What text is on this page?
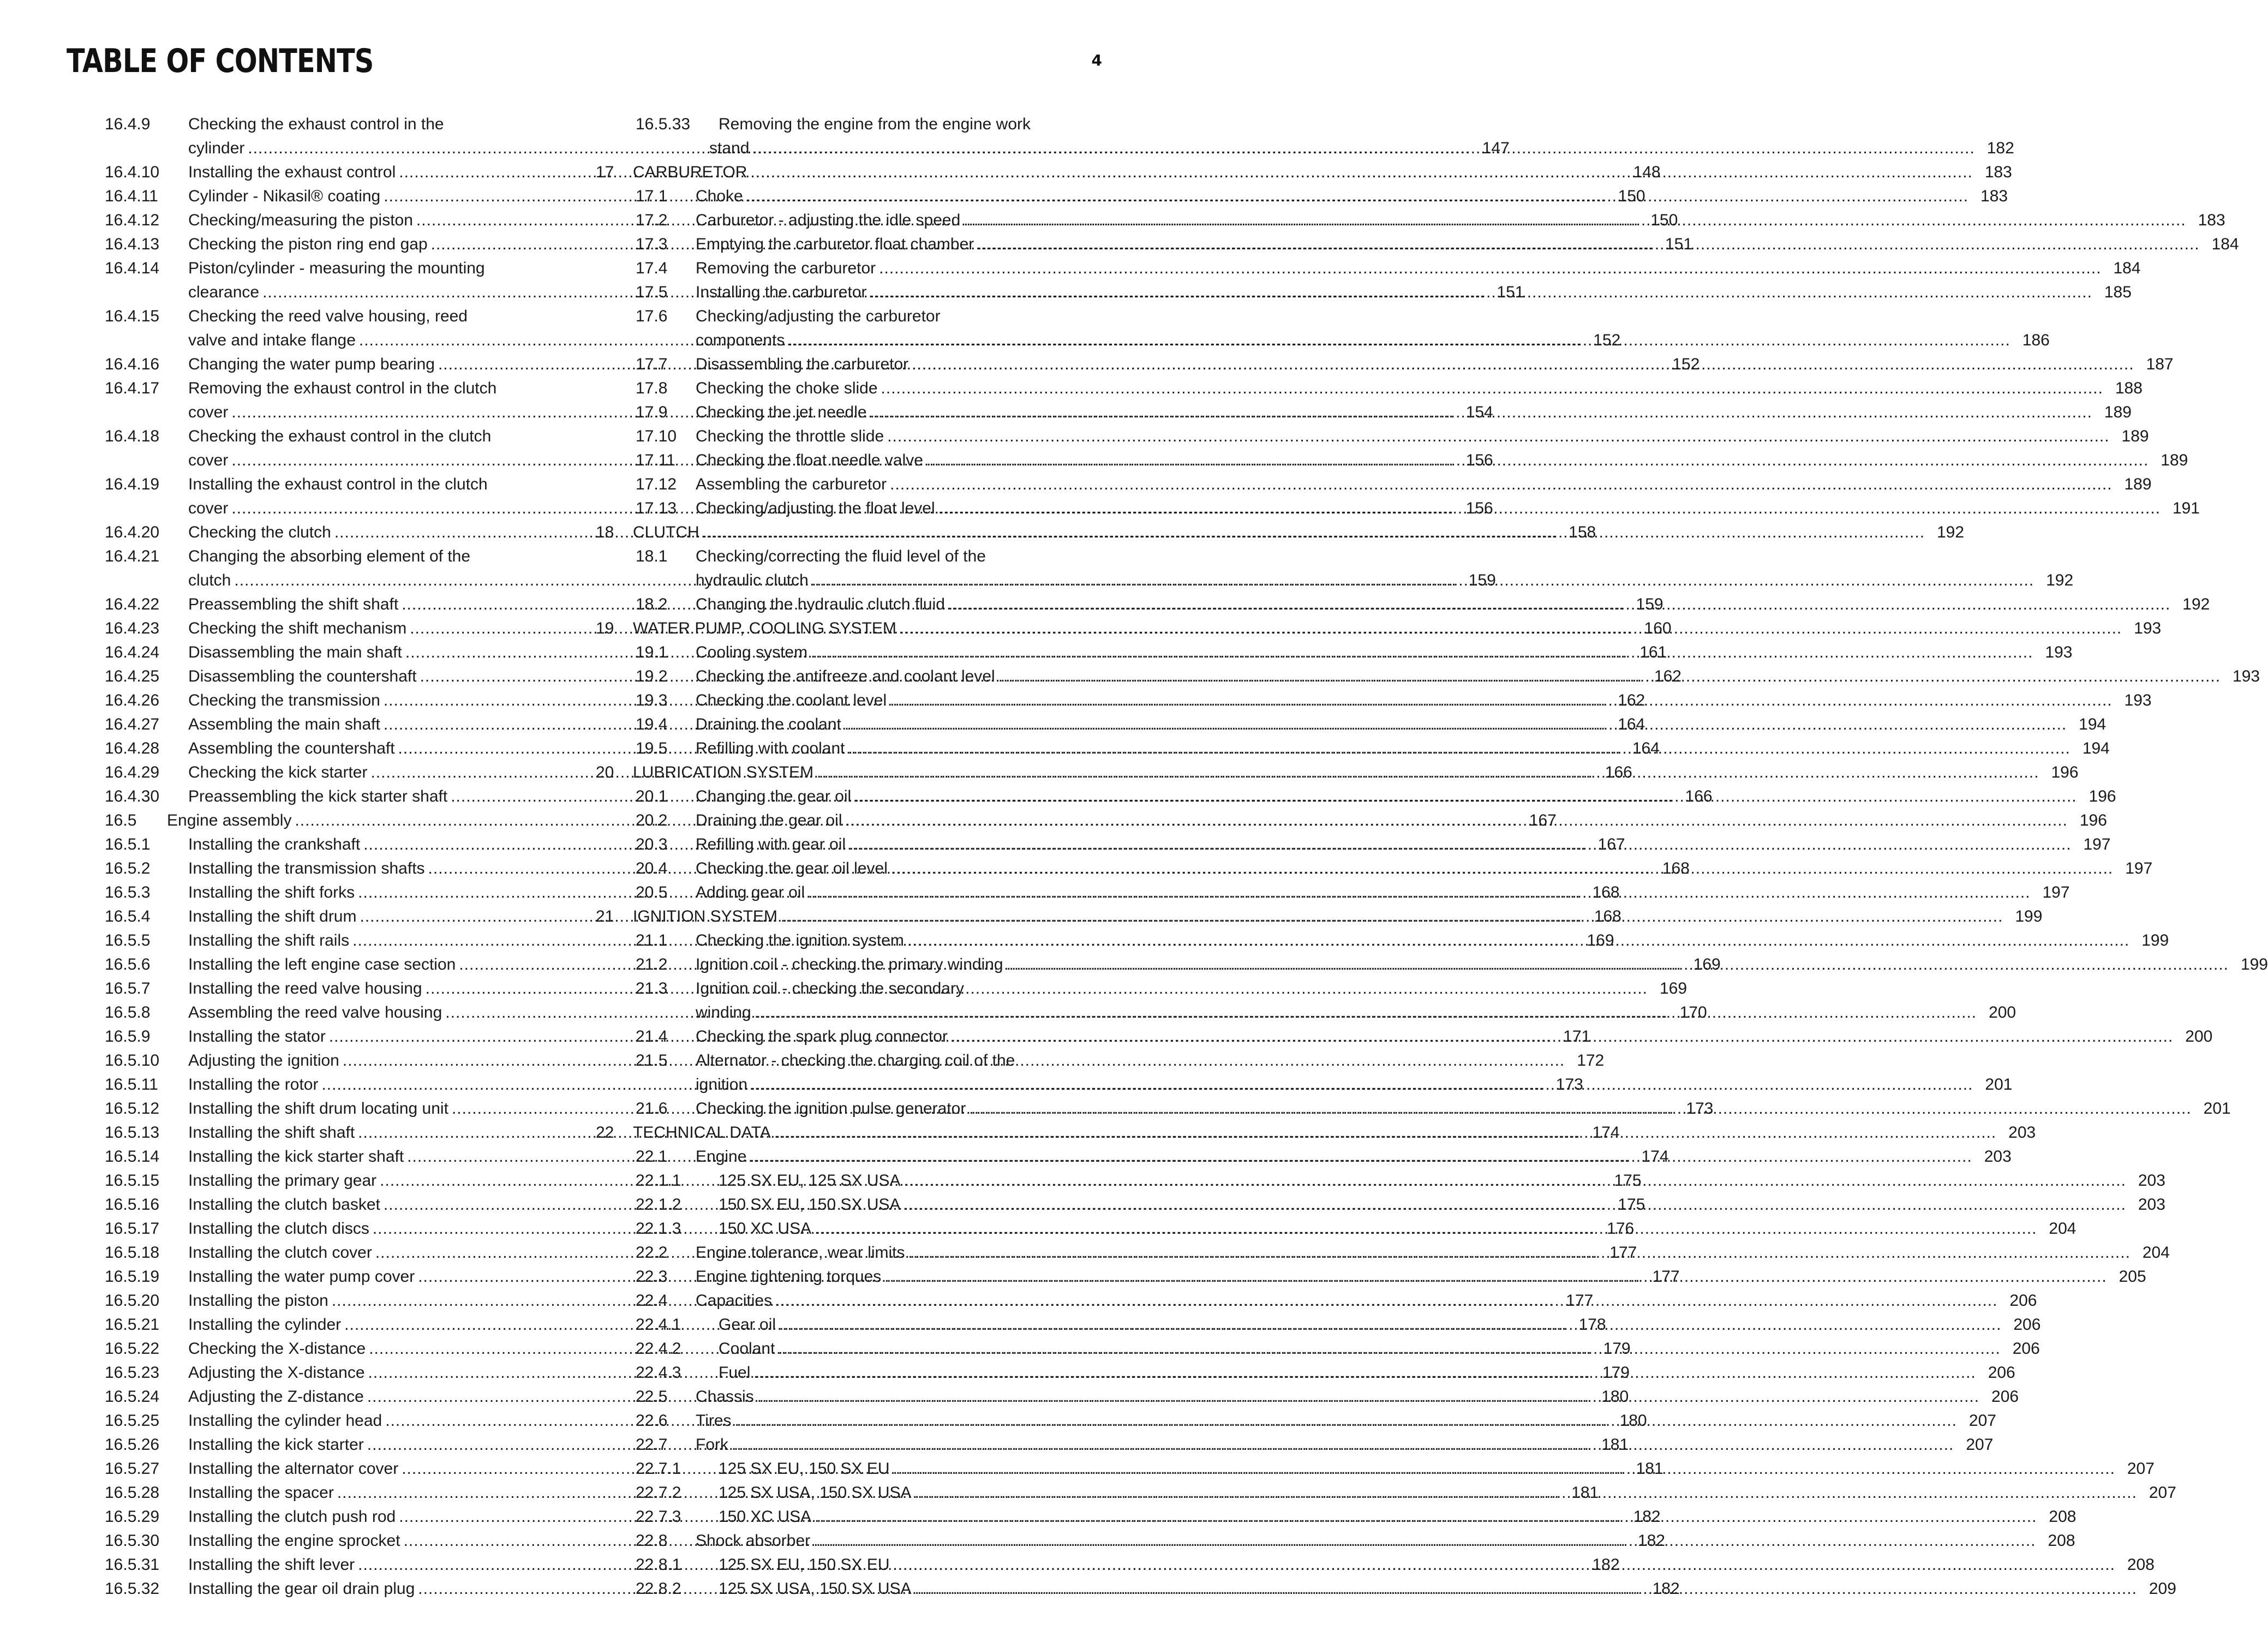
TABLE OF CONTENTS	4
16.4.9 Checking the exhaust control in the
cylinder .....	147
16.4.10 Installing the exhaust control .....	148
16.4.11 Cylinder - Nikasil® coating .....	150
16.4.12 Checking/measuring the piston .....	150
16.4.13 Checking the piston ring end gap .....	151
16.4.14 Piston/cylinder - measuring the mounting
clearance .....	151
16.4.15 Checking the reed valve housing, reed
valve and intake flange .....	152
16.4.16 Changing the water pump bearing .....	152
16.4.17 Removing the exhaust control in the clutch
cover .....	154
16.4.18 Checking the exhaust control in the clutch
cover .....	156
16.4.19 Installing the exhaust control in the clutch
cover .....	156
16.4.20 Checking the clutch .....	158
16.4.21 Changing the absorbing element of the
clutch .....	159
16.4.22 Preassembling the shift shaft .....	159
16.4.23 Checking the shift mechanism .....	160
16.4.24 Disassembling the main shaft .....	161
16.4.25 Disassembling the countershaft .....	162
16.4.26 Checking the transmission .....	162
16.4.27 Assembling the main shaft .....	164
16.4.28 Assembling the countershaft .....	164
16.4.29 Checking the kick starter .....	166
16.4.30 Preassembling the kick starter shaft .....	166
16.5 Engine assembly .....	167
16.5.1 Installing the crankshaft .....	167
16.5.2 Installing the transmission shafts .....	168
16.5.3 Installing the shift forks .....	168
16.5.4 Installing the shift drum .....	168
16.5.5 Installing the shift rails .....	169
16.5.6 Installing the left engine case section .....	169
16.5.7 Installing the reed valve housing .....	169
16.5.8 Assembling the reed valve housing .....	170
16.5.9 Installing the stator .....	171
16.5.10 Adjusting the ignition .....	172
16.5.11 Installing the rotor .....	173
16.5.12 Installing the shift drum locating unit .....	173
16.5.13 Installing the shift shaft .....	174
16.5.14 Installing the kick starter shaft .....	174
16.5.15 Installing the primary gear .....	175
16.5.16 Installing the clutch basket .....	175
16.5.17 Installing the clutch discs .....	176
16.5.18 Installing the clutch cover .....	177
16.5.19 Installing the water pump cover .....	177
16.5.20 Installing the piston .....	177
16.5.21 Installing the cylinder .....	178
16.5.22 Checking the X-distance .....	179
16.5.23 Adjusting the X-distance .....	179
16.5.24 Adjusting the Z-distance .....	180
16.5.25 Installing the cylinder head .....	180
16.5.26 Installing the kick starter .....	181
16.5.27 Installing the alternator cover .....	181
16.5.28 Installing the spacer .....	181
16.5.29 Installing the clutch push rod .....	182
16.5.30 Installing the engine sprocket .....	182
16.5.31 Installing the shift lever .....	182
16.5.32 Installing the gear oil drain plug .....	182
16.5.33 Removing the engine from the engine work
stand .....	182
17 CARBURETOR .....	183
17.1 Choke .....	183
17.2 Carburetor - adjusting the idle speed .....	183
17.3 Emptying the carburetor float chamber .....	184
17.4 Removing the carburetor .....	184
17.5 Installing the carburetor .....	185
17.6 Checking/adjusting the carburetor
components .....	186
17.7 Disassembling the carburetor .....	187
17.8 Checking the choke slide .....	188
17.9 Checking the jet needle .....	189
17.10 Checking the throttle slide .....	189
17.11 Checking the float needle valve .....	189
17.12 Assembling the carburetor .....	189
17.13 Checking/adjusting the float level .....	191
18 CLUTCH .....	192
18.1 Checking/correcting the fluid level of the
hydraulic clutch .....	192
18.2 Changing the hydraulic clutch fluid .....	192
19 WATER PUMP, COOLING SYSTEM .....	193
19.1 Cooling system .....	193
19.2 Checking the antifreeze and coolant level .....	193
19.3 Checking the coolant level .....	193
19.4 Draining the coolant .....	194
19.5 Refilling with coolant .....	194
20 LUBRICATION SYSTEM .....	196
20.1 Changing the gear oil .....	196
20.2 Draining the gear oil .....	196
20.3 Refilling with gear oil .....	197
20.4 Checking the gear oil level .....	197
20.5 Adding gear oil .....	197
21 IGNITION SYSTEM .....	199
21.1 Checking the ignition system .....	199
21.2 Ignition coil - checking the primary winding .....	199
21.3 Ignition coil - checking the secondary
winding .....	200
21.4 Checking the spark plug connector .....	200
21.5 Alternator - checking the charging coil of the
ignition .....	201
21.6 Checking the ignition pulse generator .....	201
22 TECHNICAL DATA .....	203
22.1 Engine .....	203
22.1.1 125 SX EU, 125 SX USA .....	203
22.1.2 150 SX EU, 150 SX USA .....	203
22.1.3 150 XC USA .....	204
22.2 Engine tolerance, wear limits .....	204
22.3 Engine tightening torques .....	205
22.4 Capacities .....	206
22.4.1 Gear oil .....	206
22.4.2 Coolant .....	206
22.4.3 Fuel .....	206
22.5 Chassis .....	206
22.6 Tires .....	207
22.7 Fork .....	207
22.7.1 125 SX EU, 150 SX EU .....	207
22.7.2 125 SX USA, 150 SX USA .....	207
22.7.3 150 XC USA .....	208
22.8 Shock absorber .....	208
22.8.1 125 SX EU, 150 SX EU .....	208
22.8.2 125 SX USA, 150 SX USA .....	209
